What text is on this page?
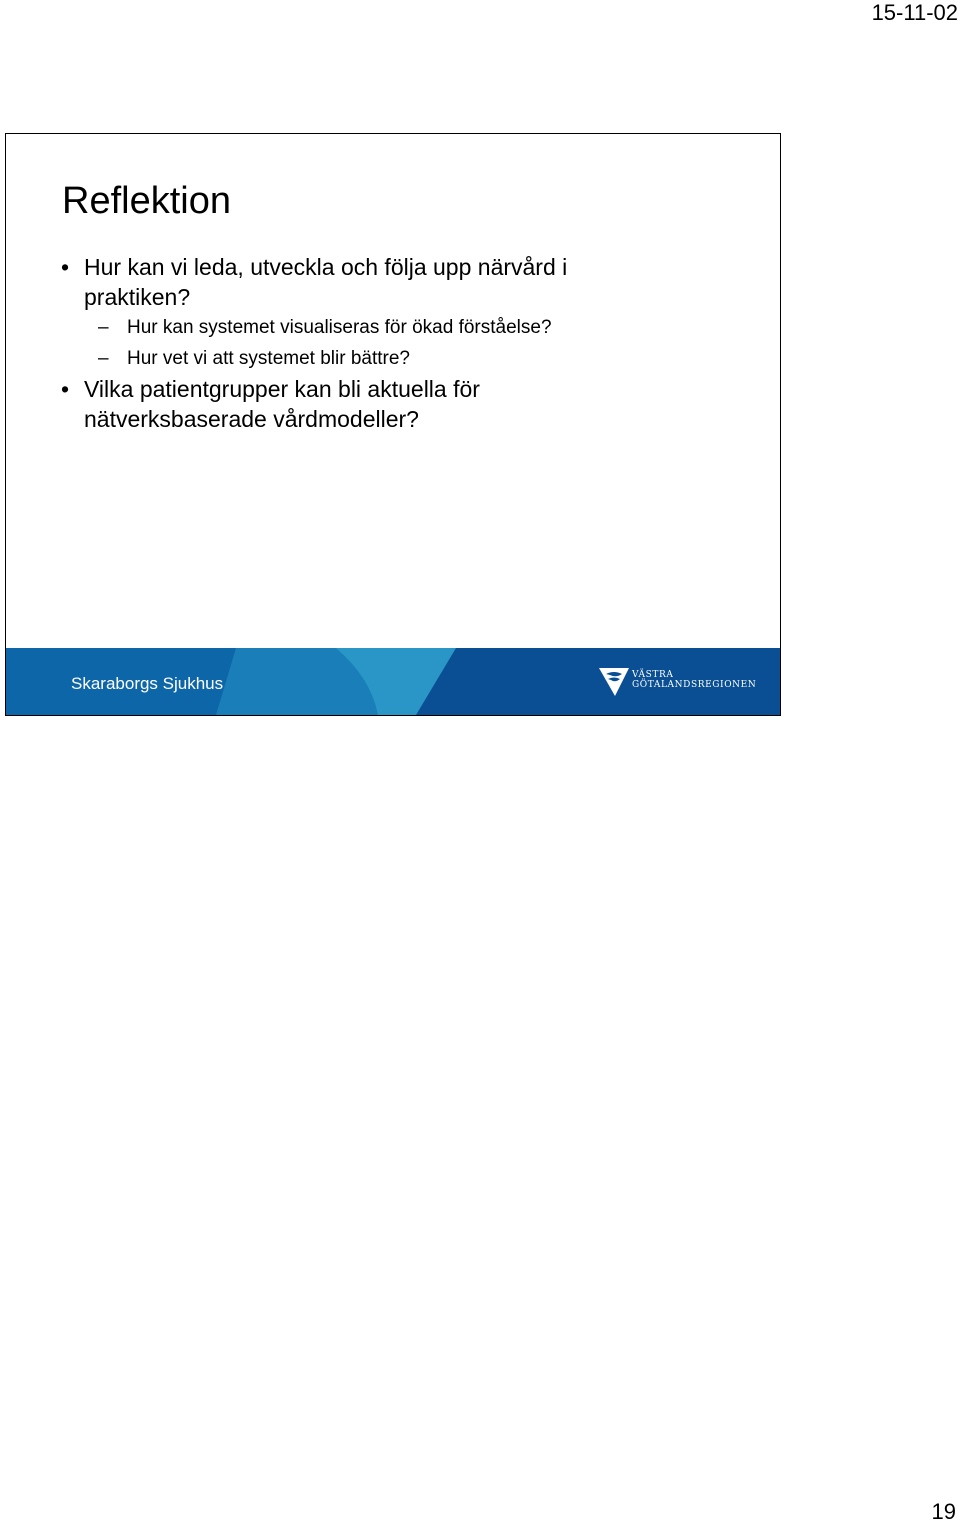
15-11-02
Reflektion
• Hur kan vi leda, utveckla och följa upp närvård i
praktiken?
– Hur kan systemet visualiseras för ökad förståelse?
– Hur vet vi att systemet blir bättre?
• Vilka patientgrupper kan bli aktuella för
nätverksbaserade vårdmodeller?
Skaraborgs Sjukhus	VÄSTRA
GÖTALANDSREGIONEN
19
